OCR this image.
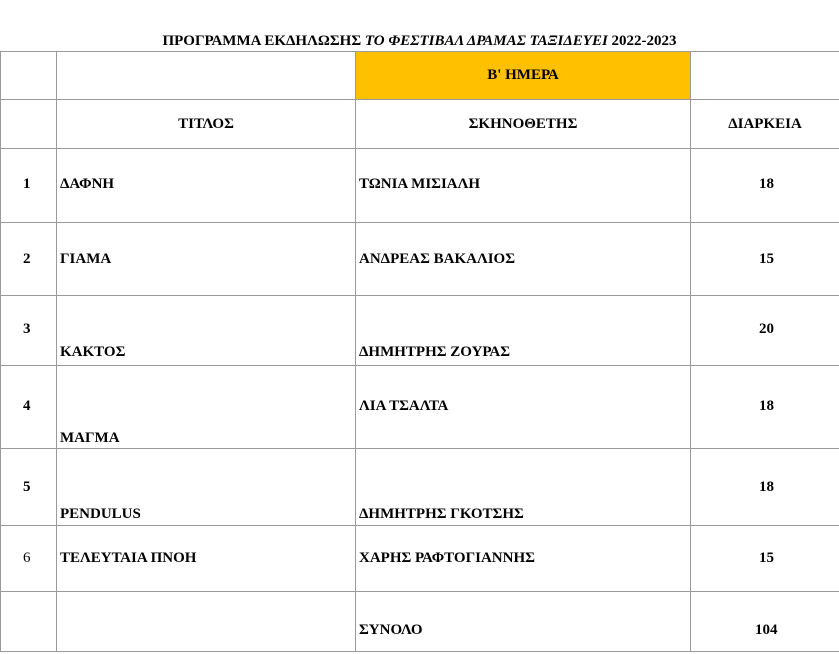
ΠΡΟΓΡΑΜΜΑ ΕΚΔΗΛΩΣΗΣ ΤΟ ΦΕΣΤΙΒΑΛ ΔΡΑΜΑΣ ΤΑΞΙΔΕΥΕΙ 2022-2023
		Β' ΗΜΕΡΑ	
	ΤΙΤΛΟΣ	ΣΚΗΝΟΘΕΤΗΣ	ΔΙΑΡΚΕΙΑ

1	ΔΑΦΝΗ	ΤΩΝΙΑ ΜΙΣΙΑΛΗ	18

2	ΓΙΑΜΑ	ΑΝΔΡΕΑΣ ΒΑΚΑΛΙΟΣ	15

3	ΚΑΚΤΟΣ	ΔΗΜΗΤΡΗΣ ΖΟΥΡΑΣ	20

4	ΜΑΓΜΑ	ΛΙΑ ΤΣΑΛΤΑ	18

5	PENDULUS	ΔΗΜΗΤΡΗΣ ΓΚΟΤΣΗΣ	18

6	ΤΕΛΕΥΤΑΙΑ ΠΝΟΗ	ΧΑΡΗΣ ΡΑΦΤΟΓΙΑΝΝΗΣ	15

		ΣΥΝΟΛΟ	104
